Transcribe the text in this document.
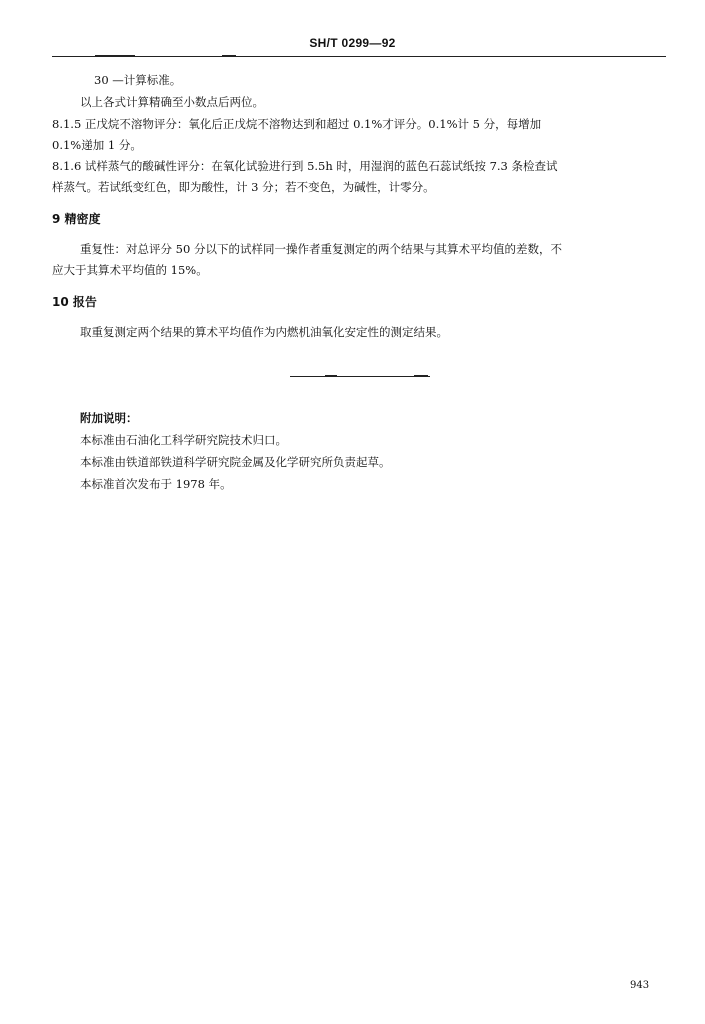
SH/T 0299—92
30 —计算标准。
以上各式计算精确至小数点后两位。
8.1.5 正戊烷不溶物评分：氧化后正戊烷不溶物达到和超过 0.1%才评分。0.1%计 5 分，每增加
0.1%递加 1 分。
8.1.6 试样蒸气的酸碱性评分：在氧化试验进行到 5.5h 时，用湿润的蓝色石蕊试纸按 7.3 条检查试
样蒸气。若试纸变红色，即为酸性，计 3 分；若不变色，为碱性，计零分。
9 精密度
重复性：对总评分 50 分以下的试样同一操作者重复测定的两个结果与其算术平均值的差数，不
应大于其算术平均值的 15%。
10 报告
取重复测定两个结果的算术平均值作为内燃机油氧化安定性的测定结果。
附加说明：
本标准由石油化工科学研究院技术归口。
本标准由铁道部铁道科学研究院金属及化学研究所负责起草。
本标准首次发布于 1978 年。
943
